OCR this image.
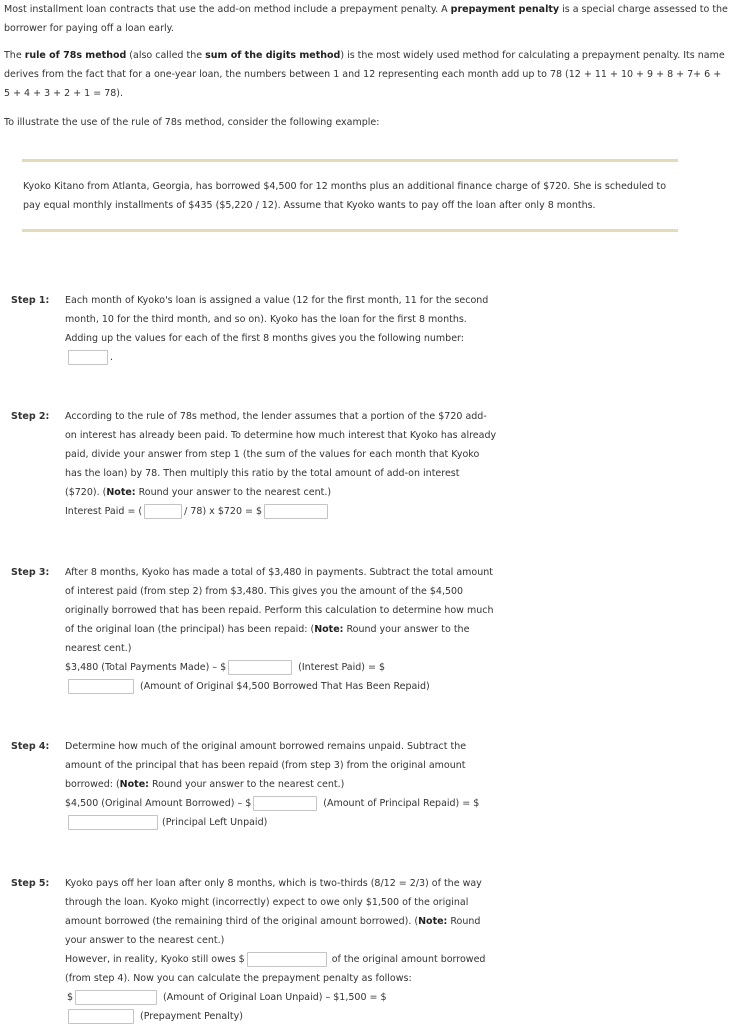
Most installment loan contracts that use the add-on method include a prepayment penalty. A prepayment penalty is a special charge assessed to the borrower for paying off a loan early.

The rule of 78s method (also called the sum of the digits method) is the most widely used method for calculating a prepayment penalty. Its name derives from the fact that for a one-year loan, the numbers between 1 and 12 representing each month add up to 78 (12 + 11 + 10 + 9 + 8 + 7+ 6 + 5 + 4 + 3 + 2 + 1 = 78).

To illustrate the use of the rule of 78s method, consider the following example:

Kyoko Kitano from Atlanta, Georgia, has borrowed $4,500 for 12 months plus an additional finance charge of $720. She is scheduled to pay equal monthly installments of $435 ($5,220 / 12). Assume that Kyoko wants to pay off the loan after only 8 months.
Step 1: Each month of Kyoko's loan is assigned a value (12 for the first month, 11 for the second
month, 10 for the third month, and so on). Kyoko has the loan for the first 8 months.
Adding up the values for each of the first 8 months gives you the following number:
.
Step 2: According to the rule of 78s method, the lender assumes that a portion of the $720 add-
on interest has already been paid. To determine how much interest that Kyoko has already
paid, divide your answer from step 1 (the sum of the values for each month that Kyoko
has the loan) by 78. Then multiply this ratio by the total amount of add-on interest
($720). (Note: Round your answer to the nearest cent.)
Interest Paid = (	/ 78) x $720 = $
Step 3: After 8 months, Kyoko has made a total of $3,480 in payments. Subtract the total amount
of interest paid (from step 2) from $3,480. This gives you the amount of the $4,500
originally borrowed that has been repaid. Perform this calculation to determine how much
of the original loan (the principal) has been repaid: (Note: Round your answer to the
nearest cent.)
$3,480 (Total Payments Made) – $	(Interest Paid) = $
(Amount of Original $4,500 Borrowed That Has Been Repaid)
Step 4: Determine how much of the original amount borrowed remains unpaid. Subtract the
amount of the principal that has been repaid (from step 3) from the original amount
borrowed: (Note: Round your answer to the nearest cent.)
$4,500 (Original Amount Borrowed) – $	(Amount of Principal Repaid) = $
(Principal Left Unpaid)
Step 5: Kyoko pays off her loan after only 8 months, which is two-thirds (8/12 = 2/3) of the way
through the loan. Kyoko might (incorrectly) expect to owe only $1,500 of the original
amount borrowed (the remaining third of the original amount borrowed). (Note: Round
your answer to the nearest cent.)
However, in reality, Kyoko still owes $	of the original amount borrowed
(from step 4). Now you can calculate the prepayment penalty as follows:
$	(Amount of Original Loan Unpaid) – $1,500 = $
(Prepayment Penalty)
